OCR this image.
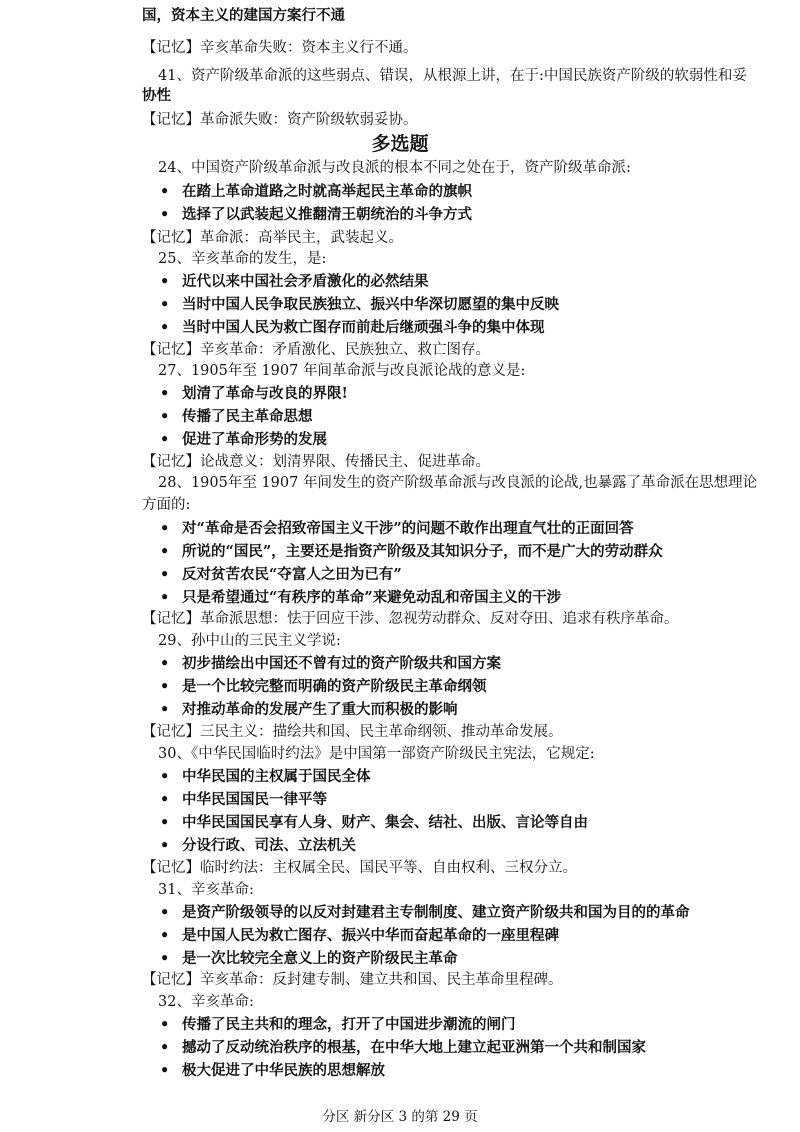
国，资本主义的建国方案行不通
【记忆】辛亥革命失败：资本主义行不通。
41、资产阶级革命派的这些弱点、错误，从根源上讲，在于:中国民族资产阶级的软弱性和妥
协性
【记忆】革命派失败：资产阶级软弱妥协。
多选题
24、中国资产阶级革命派与改良派的根本不同之处在于，资产阶级革命派:
• 在踏上革命道路之时就高举起民主革命的旗帜
• 选择了以武装起义推翻清王朝统治的斗争方式
【记忆】革命派：高举民主，武装起义。
25、辛亥革命的发生，是:
• 近代以来中国社会矛盾激化的必然结果
• 当时中国人民争取民族独立、振兴中华深切愿望的集中反映
• 当时中国人民为救亡图存而前赴后继顽强斗争的集中体现
【记忆】辛亥革命：矛盾激化、民族独立、救亡图存。
27、1905年至 1907 年间革命派与改良派论战的意义是:
• 划清了革命与改良的界限!
• 传播了民主革命思想
• 促进了革命形势的发展
【记忆】论战意义：划清界限、传播民主、促进革命。
28、1905年至 1907 年间发生的资产阶级革命派与改良派的论战,也暴露了革命派在思想理论
方面的:
• 对“革命是否会招致帝国主义干涉”的问题不敢作出理直气壮的正面回答
• 所说的“国民”，主要还是指资产阶级及其知识分子，而不是广大的劳动群众
• 反对贫苦农民“夺富人之田为已有”
• 只是希望通过“有秩序的革命”来避免动乱和帝国主义的干涉
【记忆】革命派思想：怯于回应干涉、忽视劳动群众、反对夺田、追求有秩序革命。
29、孙中山的三民主义学说:
• 初步描绘出中国还不曾有过的资产阶级共和国方案
• 是一个比较完整而明确的资产阶级民主革命纲领
• 对推动革命的发展产生了重大而积极的影响
【记忆】三民主义：描绘共和国、民主革命纲领、推动革命发展。
30、《中华民国临时约法》是中国第一部资产阶级民主宪法，它规定:
• 中华民国的主权属于国民全体
• 中华民国国民一律平等
• 中华民国国民享有人身、财产、集会、结社、出版、言论等自由
• 分设行政、司法、立法机关
【记忆】临时约法：主权属全民、国民平等、自由权利、三权分立。
31、辛亥革命:
• 是资产阶级领导的以反对封建君主专制制度、建立资产阶级共和国为目的的革命
• 是中国人民为救亡图存、振兴中华而奋起革命的一座里程碑
• 是一次比较完全意义上的资产阶级民主革命
【记忆】辛亥革命：反封建专制、建立共和国、民主革命里程碑。
32、辛亥革命:
• 传播了民主共和的理念，打开了中国进步潮流的闸门
• 撼动了反动统治秩序的根基，在中华大地上建立起亚洲第一个共和制国家
• 极大促进了中华民族的思想解放
分区 新分区 3 的第 29 页
